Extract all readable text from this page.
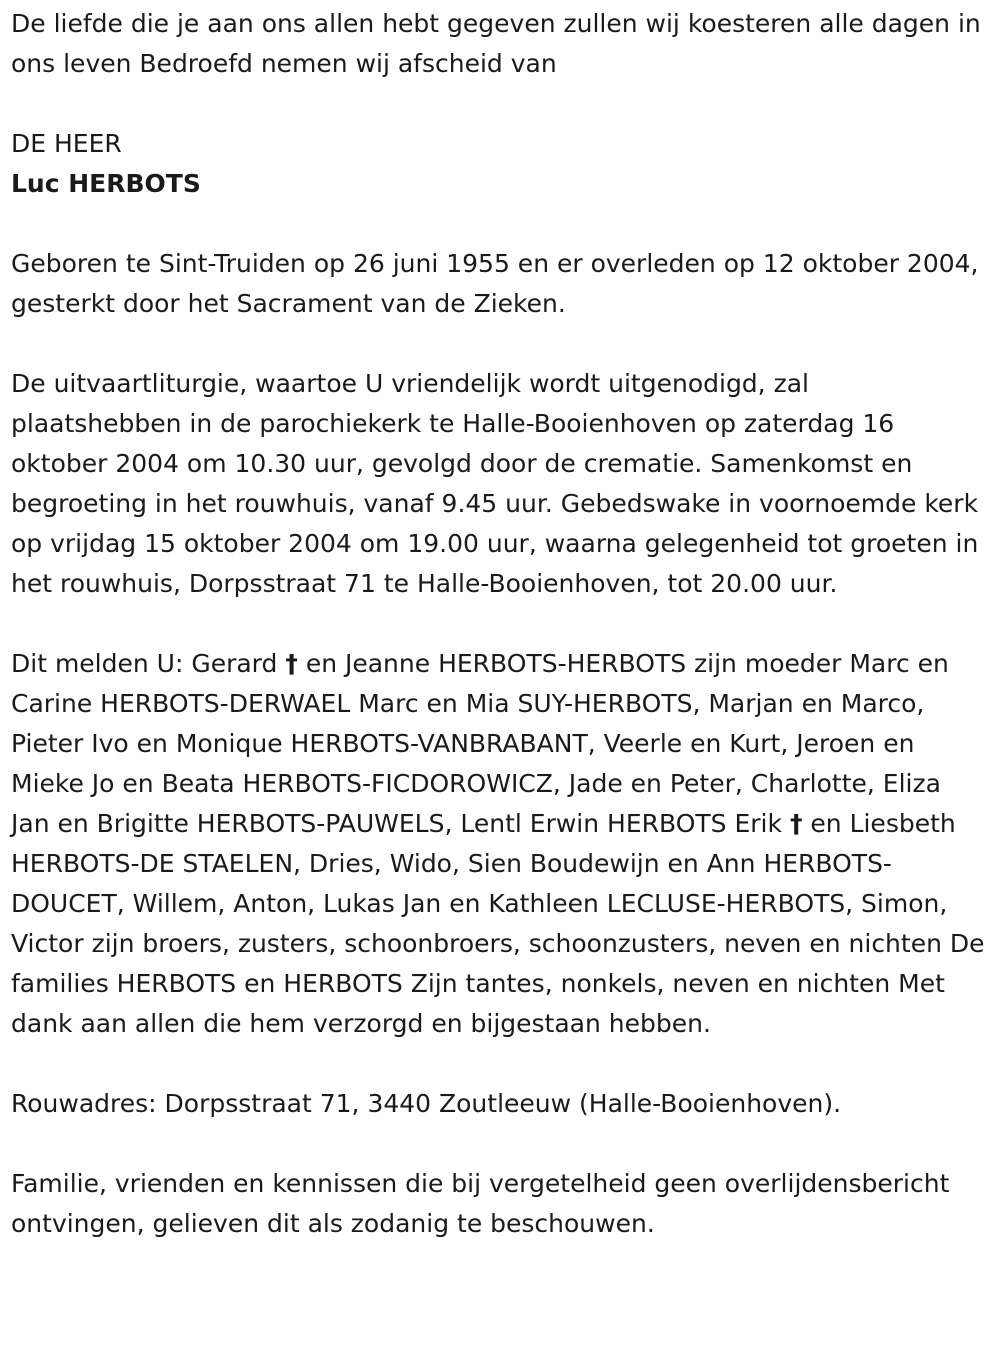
De liefde die je aan ons allen hebt gegeven zullen wij koesteren alle dagen in ons leven Bedroefd nemen wij afscheid van

DE HEER

Luc HERBOTS

Geboren te Sint-Truiden op 26 juni 1955 en er overleden op 12 oktober 2004, gesterkt door het Sacrament van de Zieken.

De uitvaartliturgie, waartoe U vriendelijk wordt uitgenodigd, zal plaatshebben in de parochiekerk te Halle-Booienhoven op zaterdag 16 oktober 2004 om 10.30 uur, gevolgd door de crematie. Samenkomst en begroeting in het rouwhuis, vanaf 9.45 uur. Gebedswake in voornoemde kerk op vrijdag 15 oktober 2004 om 19.00 uur, waarna gelegenheid tot groeten in het rouwhuis, Dorpsstraat 71 te Halle-Booienhoven, tot 20.00 uur.

Dit melden U: Gerard † en Jeanne HERBOTS-HERBOTS zijn moeder Marc en Carine HERBOTS-DERWAEL Marc en Mia SUY-HERBOTS, Marjan en Marco, Pieter Ivo en Monique HERBOTS-VANBRABANT, Veerle en Kurt, Jeroen en Mieke Jo en Beata HERBOTS-FICDOROWICZ, Jade en Peter, Charlotte, Eliza Jan en Brigitte HERBOTS-PAUWELS, Lentl Erwin HERBOTS Erik † en Liesbeth HERBOTS-DE STAELEN, Dries, Wido, Sien Boudewijn en Ann HERBOTS-DOUCET, Willem, Anton, Lukas Jan en Kathleen LECLUSE-HERBOTS, Simon, Victor zijn broers, zusters, schoonbroers, schoonzusters, neven en nichten De families HERBOTS en HERBOTS Zijn tantes, nonkels, neven en nichten Met dank aan allen die hem verzorgd en bijgestaan hebben.

Rouwadres: Dorpsstraat 71, 3440 Zoutleeuw (Halle-Booienhoven).

Familie, vrienden en kennissen die bij vergetelheid geen overlijdensbericht ontvingen, gelieven dit als zodanig te beschouwen.
